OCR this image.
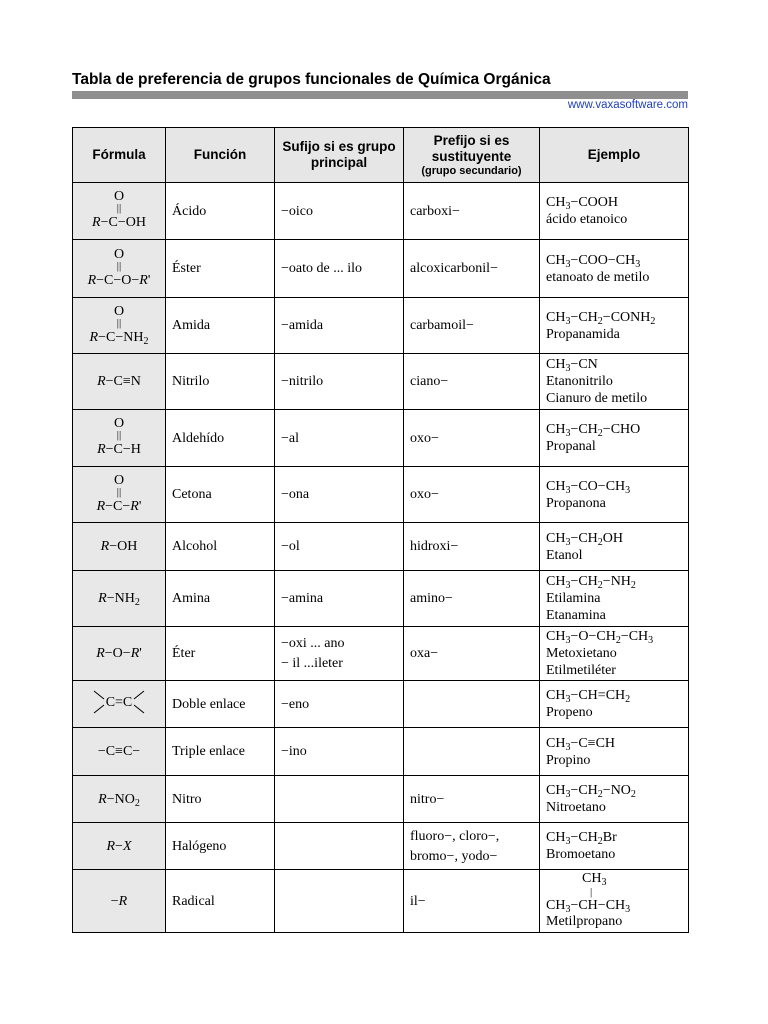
Tabla de preferencia de grupos funcionales de Química Orgánica
www.vaxasoftware.com
Fórmula	Función	Sufijo si es grupo principal	Prefijo si es sustituyente
(grupo secundario)	Ejemplo

O
||
R−C−OH	Ácido	−oico	carboxi−	$CH_3-COOH$
ácido etanoico

O
||
R−C−O−R'	Éster	−oato de ... ilo	alcoxicarbonil−	$CH_3-COO-CH_3$
etanoato de metilo

O
||
$R-C-NH_2$	Amida	−amida	carbamoil−	$CH_3-CH_2-CONH_2$
Propanamida

R−C≡N	Nitrilo	−nitrilo	ciano−	$CH_3-CN$
Etanonitrilo
Cianuro de metilo

O
||
R−C−H	Aldehído	−al	oxo−	$CH_3-CH_2-CHO$
Propanal

O
||
R−C−R'	Cetona	−ona	oxo−	$CH_3-CO-CH_3$
Propanona

R−OH	Alcohol	−ol	hidroxi−	$CH_3-CH_2OH$
Etanol

$R-NH_2$	Amina	−amina	amino−	$CH_3-CH_2-NH_2$
Etilamina
Etanamina

R−O−R'	Éter	−oxi ... ano
− il ...ileter	oxa−	$CH_3-O-CH_2-CH_3$
Metoxietano
Etilmetiléter

C=C	Doble enlace	−eno		$CH_3-CH=CH_2$
Propeno

−C≡C−	Triple enlace	−ino		$CH_3-C\equiv CH$
Propino

$R-NO_2$	Nitro		nitro−	$CH_3-CH_2-NO_2$
Nitroetano

R−X	Halógeno		fluoro−, cloro−,
bromo−, yodo−	$CH_3-CH_2Br$
Bromoetano

−R	Radical		il−	$CH_3$
|
$CH_3-CH-CH_3$
Metilpropano
